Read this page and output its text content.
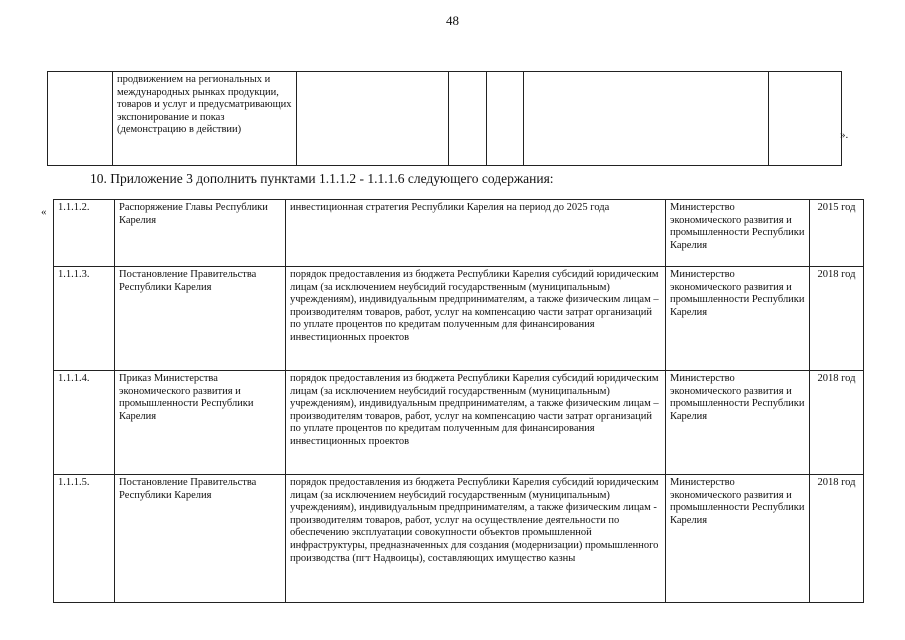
48
	продвижением на региональных и международных рынках продукции, товаров и услуг и предусматривающих экспонирование и показ (демонстрацию в действии)						».
10. Приложение 3 дополнить пунктами 1.1.1.2 - 1.1.1.6 следующего содержания:
« 1.1.1.2.	Распоряжение Главы Республики Карелия	инвестиционная стратегия Республики Карелия на период до 2025 года	Министерство экономического развития и промышленности Республики Карелия	2015 год
1.1.1.3.	Постановление Правительства Республики Карелия	порядок предоставления из бюджета Республики Карелия субсидий юридическим лицам (за исключением неубсидий государственным (муниципальным) учреждениям), индивидуальным предпринимателям, а также физическим лицам – производителям товаров, работ, услуг на компенсацию части затрат организаций по уплате процентов по кредитам полученным для финансирования инвестиционных проектов	Министерство экономического развития и промышленности Республики Карелия	2018 год
1.1.1.4.	Приказ Министерства экономического развития и промышленности Республики Карелия	порядок предоставления из бюджета Республики Карелия субсидий юридическим лицам (за исключением неубсидий государственным (муниципальным) учреждениям), индивидуальным предпринимателям, а также физическим лицам – производителям товаров, работ, услуг на компенсацию части затрат организаций по уплате процентов по кредитам полученным для финансирования инвестиционных проектов	Министерство экономического развития и промышленности Республики Карелия	2018 год
1.1.1.5.	Постановление Правительства Республики Карелия	порядок предоставления из бюджета Республики Карелия субсидий юридическим лицам (за исключением неубсидий государственным (муниципальным) учреждениям), индивидуальным предпринимателям, а также физическим лицам - производителям товаров, работ, услуг на осуществление деятельности по обеспечению эксплуатации совокупности объектов промышленной инфраструктуры, предназначенных для создания (модернизации) промышленного производства (пгт Надвоицы), составляющих имущество казны	Министерство экономического развития и промышленности Республики Карелия	2018 год
